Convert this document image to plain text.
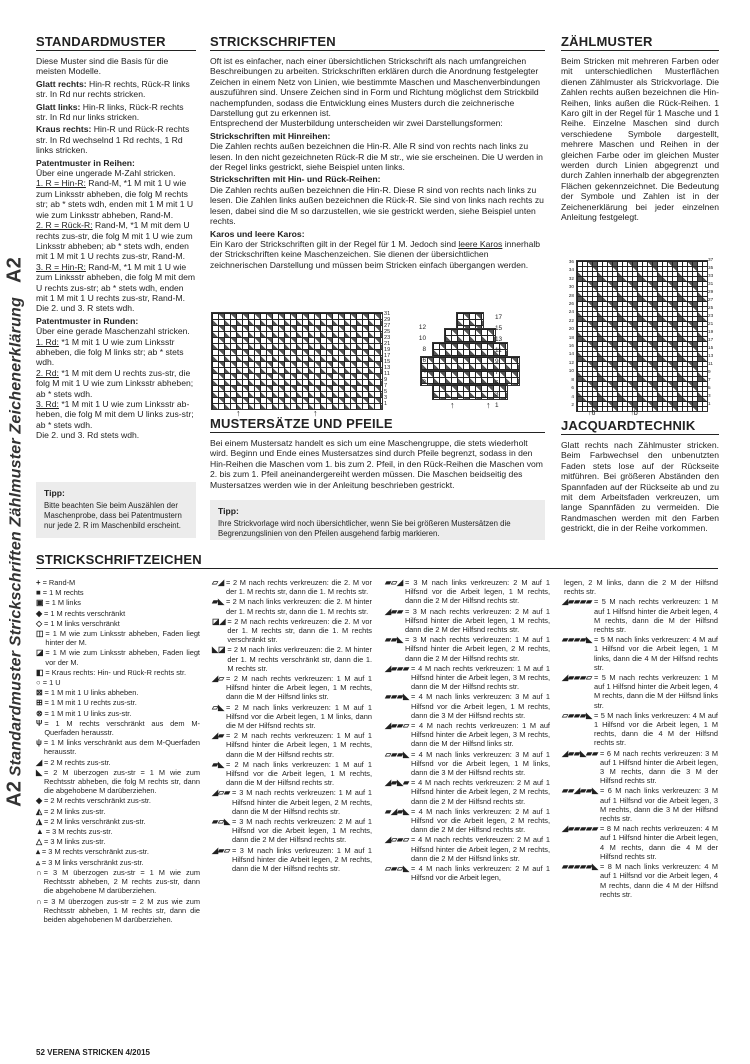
A2 Standardmuster Strickschriften Zählmuster Zeichenerklärung   A2
STANDARDMUSTER

Diese Muster sind die Basis für die meisten Modelle.

Glatt rechts: Hin-R rechts, Rück-R links str. In Rd nur rechts stricken.

Glatt links: Hin-R links, Rück-R rechts str. In Rd nur links stricken.

Kraus rechts: Hin-R und Rück-R rechts str. In Rd wechselnd 1 Rd rechts, 1 Rd links stricken.

Patentmuster in Reihen:

Über eine ungerade M-Zahl stricken.

1. R = Hin-R: Rand-M, *1 M mit 1 U wie zum Linksstr abheben, die folg M rechts str; ab * stets wdh, enden mit 1 M mit 1 U wie zum Linksstr abheben, Rand-M.

2. R = Rück-R: Rand-M, *1 M mit dem U rechts zus-str, die folg M mit 1 U wie zum Linksstr abheben; ab * stets wdh, enden mit 1 M mit 1 U rechts zus-str, Rand-M.

3. R = Hin-R: Rand-M, *1 M mit 1 U wie zum Linksstr abheben, die folg M mit dem U rechts zus-str; ab * stets wdh, enden mit 1 M mit 1 U rechts zus-str, Rand-M.

Die 2. und 3. R stets wdh.

Patentmuster in Runden:

Über eine gerade Maschenzahl stricken.

1. Rd: *1 M mit 1 U wie zum Linksstr abheben, die folg M links str; ab * stets wdh.

2. Rd: *1 M mit dem U rechts zus-str, die folg M mit 1 U wie zum Linksstr abheben; ab * stets wdh.

3. Rd: *1 M mit 1 U wie zum Linksstr ab-heben, die folg M mit dem U links zus-str; ab * stets wdh.

Die 2. und 3. Rd stets wdh.

Tipp:
Bitte beachten Sie beim Auszählen der Maschenprobe, dass bei Patentmustern nur jede 2. R im Maschenbild erscheint.
STRICKSCHRIFTEN

Oft ist es einfacher, nach einer übersichtlichen Strickschrift als nach umfangreichen Beschreibungen zu arbeiten. Strickschriften erklären durch die Anordnung festgelegter Zeichen in einem Netz von Linien, wie bestimmte Maschen und Maschenverbindungen auszuführen sind. Unsere Zeichen sind in Form und Richtung möglichst dem Strickbild nachempfunden, sodass die Entwicklung eines Musters durch die zeichnerische Darstellung gut zu erkennen ist.

Entsprechend der Musterbildung unterscheiden wir zwei Darstellungsformen:

Strickschriften mit Hinreihen:

Die Zahlen rechts außen bezeichnen die Hin-R. Alle R sind von rechts nach links zu lesen. In den nicht gezeichneten Rück-R die M str., wie sie erscheinen. Die U werden in der Regel links gestrickt, siehe Beispiel unten links.

Strickschriften mit Hin- und Rück-Reihen:

Die Zahlen rechts außen bezeichnen die Hin-R. Diese R sind von rechts nach links zu lesen. Die Zahlen links außen bezeichnen die Rück-R. Sie sind von links nach rechts zu lesen, dabei sind die M so darzustellen, wie sie gestrickt werden, siehe Beispiel unten rechts.

Karos und leere Karos:

Ein Karo der Strickschriften gilt in der Regel für 1 M. Jedoch sind leere Karos innerhalb der Strickschriften keine Maschenzeichen. Sie dienen der übersichtlichen zeichnerischen Darstellung und müssen beim Stricken einfach übergangen werden.

31
29
27
25
23
21
19
17
15
13
11
9
7
5
3
1
↑                             ↑
↑	↑
17
15
13
11
9
7
5
3
1
12
10
8
6
4
2
ZÄHLMUSTER
Beim Stricken mit mehreren Farben oder mit unterschiedlichen Musterflächen dienen Zählmuster als Strickvorlage. Die Zahlen rechts außen bezeichnen die Hin-Reihen, links außen die Rück-Reihen. 1 Karo gilt in der Regel für 1 Masche und 1 Reihe. Einzelne Maschen sind durch verschiedene Symbole dargestellt, mehrere Maschen und Reihen in der gleichen Farbe oder im gleichen Muster werden durch Linien abgegrenzt und durch Zahlen innerhalb der abgegrenzten Flächen gekennzeichnet. Die Bedeutung der Symbole und Zahlen ist in der Zeichenerklärung bei jeder einzelnen Anleitung festgelegt.
36
34
32
30
28
26
24
22
20
18
16
14
12
10
8
6
4
2
37
35
33
31
29
27
25
23
21
19
17
15
13
11
9
7
5
3
1
↑6                  ↑b
MUSTERSÄTZE UND PFEILE
Bei einem Mustersatz handelt es sich um eine Maschengruppe, die stets wiederholt wird. Beginn und Ende eines Mustersatzes sind durch Pfeile begrenzt, sodass in den Hin-Reihen die Maschen vom 1. bis zum 2. Pfeil, in den Rück-Reihen die Maschen vom 2. bis zum 1. Pfeil aneinandergereiht werden müssen. Die Maschen beidseitig des Mustersatzes werden wie in der Anleitung beschrieben gestrickt.
Tipp:
Ihre Strickvorlage wird noch übersichtlicher, wenn Sie bei größeren Mustersätzen die Begrenzungslinien von den Pfeilen ausgehend farbig markieren.
JACQUARDTECHNIK
Glatt rechts nach Zählmuster stricken. Beim Farbwechsel den unbenutzten Faden stets lose auf der Rückseite mitführen. Bei größeren Abständen den Spannfaden auf der Rückseite ab und zu mit dem Arbeitsfaden verkreuzen, um lange Spannfäden zu vermeiden. Die Randmaschen werden mit den Farben gestrickt, die in der Reihe vorkommen.
STRICKSCHRIFTZEICHEN
+ = Rand-M
■ = 1 M rechts
▣ = 1 M links
◆ = 1 M rechts verschränkt
◇ = 1 M links verschränkt
◫ = 1 M wie zum Linksstr abheben, Faden liegt hinter der M.
◪ = 1 M wie zum Linksstr abheben, Faden liegt vor der M.
◧ = Kraus rechts: Hin- und Rück-R rechts str.
○ = 1 U
⊠ = 1 M mit 1 U links abheben.
⊞ = 1 M mit 1 U rechts zus-str.
⊗ = 1 M mit 1 U links zus-str.
Ψ = 1 M rechts verschränkt aus dem M-Querfaden herausstr.
ψ = 1 M links verschränkt aus dem M-Querfaden herausstr.
◢ = 2 M rechts zus-str.
◣ = 2 M überzogen zus-str = 1 M wie zum Rechtsstr abheben, die folg M rechts str, dann die abgehobene M darüberziehen.
◆ = 2 M rechts verschränkt zus-str.
◭ = 2 M links zus-str.
◮ = 2 M links verschränkt zus-str.
▲ = 3 M rechts zus-str.
△ = 3 M links zus-str.
▴ = 3 M rechts verschränkt zus-str.
▵ = 3 M links verschränkt zus-str.
∩ = 3 M überzogen zus-str = 1 M wie zum Rechtsstr abheben, 2 M rechts zus-str, dann die abgehobene M darüberziehen.
∩ = 3 M überzogen zus-str = 2 M zus wie zum Rechtsstr abheben, 1 M rechts str, dann die beiden abgehobenen M darüberziehen.
▱◢ = 2 M nach rechts verkreuzen: die 2. M vor der 1. M rechts str, dann die 1. M rechts str.
▰◣ = 2 M nach links verkreuzen: die 2. M hinter der 1. M rechts str, dann die 1. M rechts str.
◪◢ = 2 M nach rechts verkreuzen: die 2. M vor der 1. M rechts str, dann die 1. M rechts verschränkt str.
◣◪ = 2 M nach links verkreuzen: die 2. M hinter der 1. M rechts verschränkt str, dann die 1. M rechts str.
◢▱ = 2 M nach rechts verkreuzen: 1 M auf 1 Hilfsnd hinter die Arbeit legen, 1 M rechts, dann die M der Hilfsnd links str.
▱◣ = 2 M nach links verkreuzen: 1 M auf 1 Hilfsnd vor die Arbeit legen, 1 M links, dann die M der Hilfsnd rechts str.
◢▰ = 2 M nach rechts verkreuzen: 1 M auf 1 Hilfsnd hinter die Arbeit legen, 1 M rechts, dann die M der Hilfsnd rechts str.
▰◣ = 2 M nach links verkreuzen: 1 M auf 1 Hilfsnd vor die Arbeit legen, 1 M rechts, dann die M der Hilfsnd rechts str.
◢▱▰ = 3 M nach rechts verkreuzen: 1 M auf 1 Hilfsnd hinter die Arbeit legen, 2 M rechts, dann die M der Hilfsnd rechts str.
▰▱◣ = 3 M nach rechts verkreuzen: 2 M auf 1 Hilfsnd vor die Arbeit legen, 1 M rechts, dann die 2 M der Hilfsnd rechts str.
◢▰▱ = 3 M nach links verkreuzen: 1 M auf 1 Hilfsnd hinter die Arbeit legen, 2 M rechts, dann die M der Hilfsnd rechts str.
▰▱◢ = 3 M nach links verkreuzen: 2 M auf 1 Hilfsnd vor die Arbeit legen, 1 M rechts, dann die 2 M der Hilfsnd rechts str.
◢▰▰ = 3 M nach rechts verkreuzen: 2 M auf 1 Hilfsnd hinter die Arbeit legen, 1 M rechts, dann die 2 M der Hilfsnd rechts str.
▰▰◣ = 3 M nach rechts verkreuzen: 1 M auf 1 Hilfsnd hinter die Arbeit legen, 2 M rechts, dann die 2 M der Hilfsnd rechts str.
◢▰▰▰ = 4 M nach rechts verkreuzen: 1 M auf 1 Hilfsnd hinter die Arbeit legen, 3 M rechts, dann die M der Hilfsnd rechts str.
▰▰▰◣ = 4 M nach links verkreuzen: 3 M auf 1 Hilfsnd vor die Arbeit legen, 1 M rechts, dann die 3 M der Hilfsnd rechts str.
◢▰▰▱ = 4 M nach rechts verkreuzen: 1 M auf Hilfsnd hinter die Arbeit legen, 3 M rechts, dann die M der Hilfsnd links str.
▱▰▰◣ = 4 M nach links verkreuzen: 3 M auf 1 Hilfsnd vor die Arbeit legen, 1 M links, dann die 3 M der Hilfsnd rechts str.
◢▰◣▰ = 4 M nach rechts verkreuzen: 2 M auf 1 Hilfsnd hinter die Arbeit legen, 2 M rechts, dann die 2 M der Hilfsnd rechts str.
▰◢▰◣ = 4 M nach links verkreuzen: 2 M auf 1 Hilfsnd vor die Arbeit legen, 2 M rechts, dann die 2 M der Hilfsnd rechts str.
◢▱▰▱ = 4 M nach rechts verkreuzen: 2 M auf 1 Hilfsnd hinter die Arbeit legen, 2 M rechts, dann die 2 M der Hilfsnd links str.
▱▰▱◣ = 4 M nach links verkreuzen: 2 M auf 1 Hilfsnd vor die Arbeit legen,
legen, 2 M links, dann die 2 M der Hilfsnd rechts str.
◢▰▰▰▰ = 5 M nach rechts verkreuzen: 1 M auf 1 Hilfsnd hinter die Arbeit legen, 4 M rechts, dann die M der Hilfsnd rechts str.
▰▰▰▰◣ = 5 M nach links verkreuzen: 4 M auf 1 Hilfsnd vor die Arbeit legen, 1 M links, dann die 4 M der Hilfsnd rechts str.
◢▰▰▰▱ = 5 M nach rechts verkreuzen: 1 M auf 1 Hilfsnd hinter die Arbeit legen, 4 M rechts, dann die M der Hilfsnd links str.
▱▰▰▰◣ = 5 M nach links verkreuzen: 4 M auf 1 Hilfsnd vor die Arbeit legen, 1 M rechts, dann die 4 M der Hilfsnd rechts str.
◢▰▰◣▰▰ = 6 M nach rechts verkreuzen: 3 M auf 1 Hilfsnd hinter die Arbeit legen, 3 M rechts, dann die 3 M der Hilfsnd rechts str.
▰▰◢▰▰◣ = 6 M nach links verkreuzen: 3 M auf 1 Hilfsnd vor die Arbeit legen, 3 M rechts, dann die 3 M der Hilfsnd rechts str.
◢▰▰▰▰▰ = 8 M nach rechts verkreuzen: 4 M auf 1 Hilfsnd hinter die Arbeit legen, 4 M rechts, dann die 4 M der Hilfsnd rechts str.
▰▰▰▰▰◣ = 8 M nach links verkreuzen: 4 M auf 1 Hilfsnd vor die Arbeit legen, 4 M rechts, dann die 4 M der Hilfsnd rechts str.
52 VERENA STRICKEN 4/2015
